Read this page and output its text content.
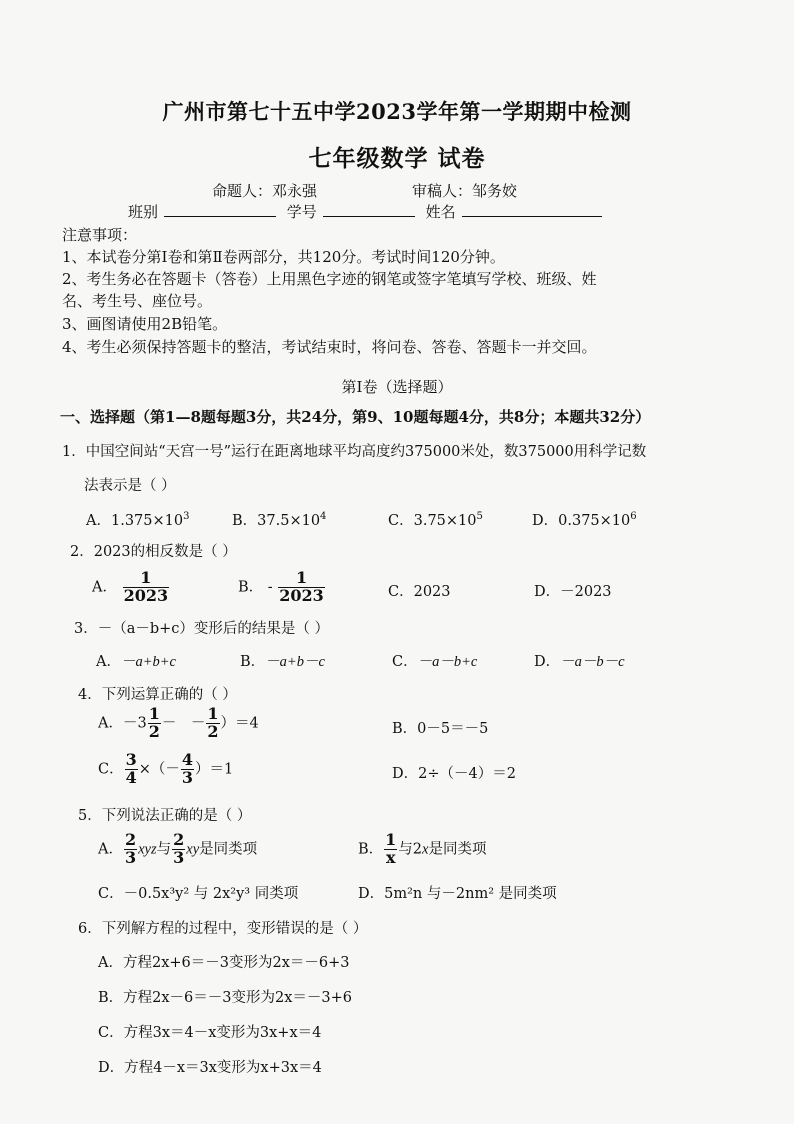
广州市第七十五中学2023学年第一学期期中检测
七年级数学 试卷
命题人：邓永强	审稿人：邹务姣
班别	学号	姓名
注意事项：
1、本试卷分第Ⅰ卷和第Ⅱ卷两部分，共120分。考试时间120分钟。
2、考生务必在答题卡（答卷）上用黑色字迹的钢笔或签字笔填写学校、班级、姓
名、考生号、座位号。
3、画图请使用2B铅笔。
4、考生必须保持答题卡的整洁，考试结束时，将问卷、答卷、答题卡一并交回。
第Ⅰ卷（选择题）
一、选择题（第1—8题每题3分，共24分，第9、10题每题4分，共8分；本题共32分）
1．中国空间站“天宫一号”运行在距离地球平均高度约375000米处，数375000用科学记数
法表示是（ ）
A．$1.375\times 10^3$	B．$37.5\times 10^4$	C．$3.75\times 10^5$	D．$0.375\times 10^6$
2．2023的相反数是（ ）
A． $\frac{1}{2023}$	B． - $\frac{1}{2023}$	C．2023	D．－2023
3．－（a－b+c）变形后的结果是（ ）
A．－a+b+c	B．－a+b－c	C．－a－b+c	D．－a－b－c
4．下列运算正确的（ ）
A．$-3 \frac{1}{2}$ －　－ $\frac{1}{2} )=4$	B．0－5＝－5
C． $\frac{3}{4}$ ×（－ $\frac{4}{3} )=1$	D．2÷（－4）＝2
5．下列说法正确的是（ ）
A． $\frac{2}{3}$ xyz与 $\frac{2}{3}$ xy是同类项	B． $\frac{1}{x}$ 与2x是同类项
C．－0.5x³y² 与 2x²y³ 同类项	D．5m²n 与－2nm² 是同类项
6．下列解方程的过程中，变形错误的是（ ）
A．方程2x+6＝－3变形为2x＝－6+3
B．方程2x－6＝－3变形为2x＝－3+6
C．方程3x＝4－x变形为3x+x＝4
D．方程4－x＝3x变形为x+3x＝4
